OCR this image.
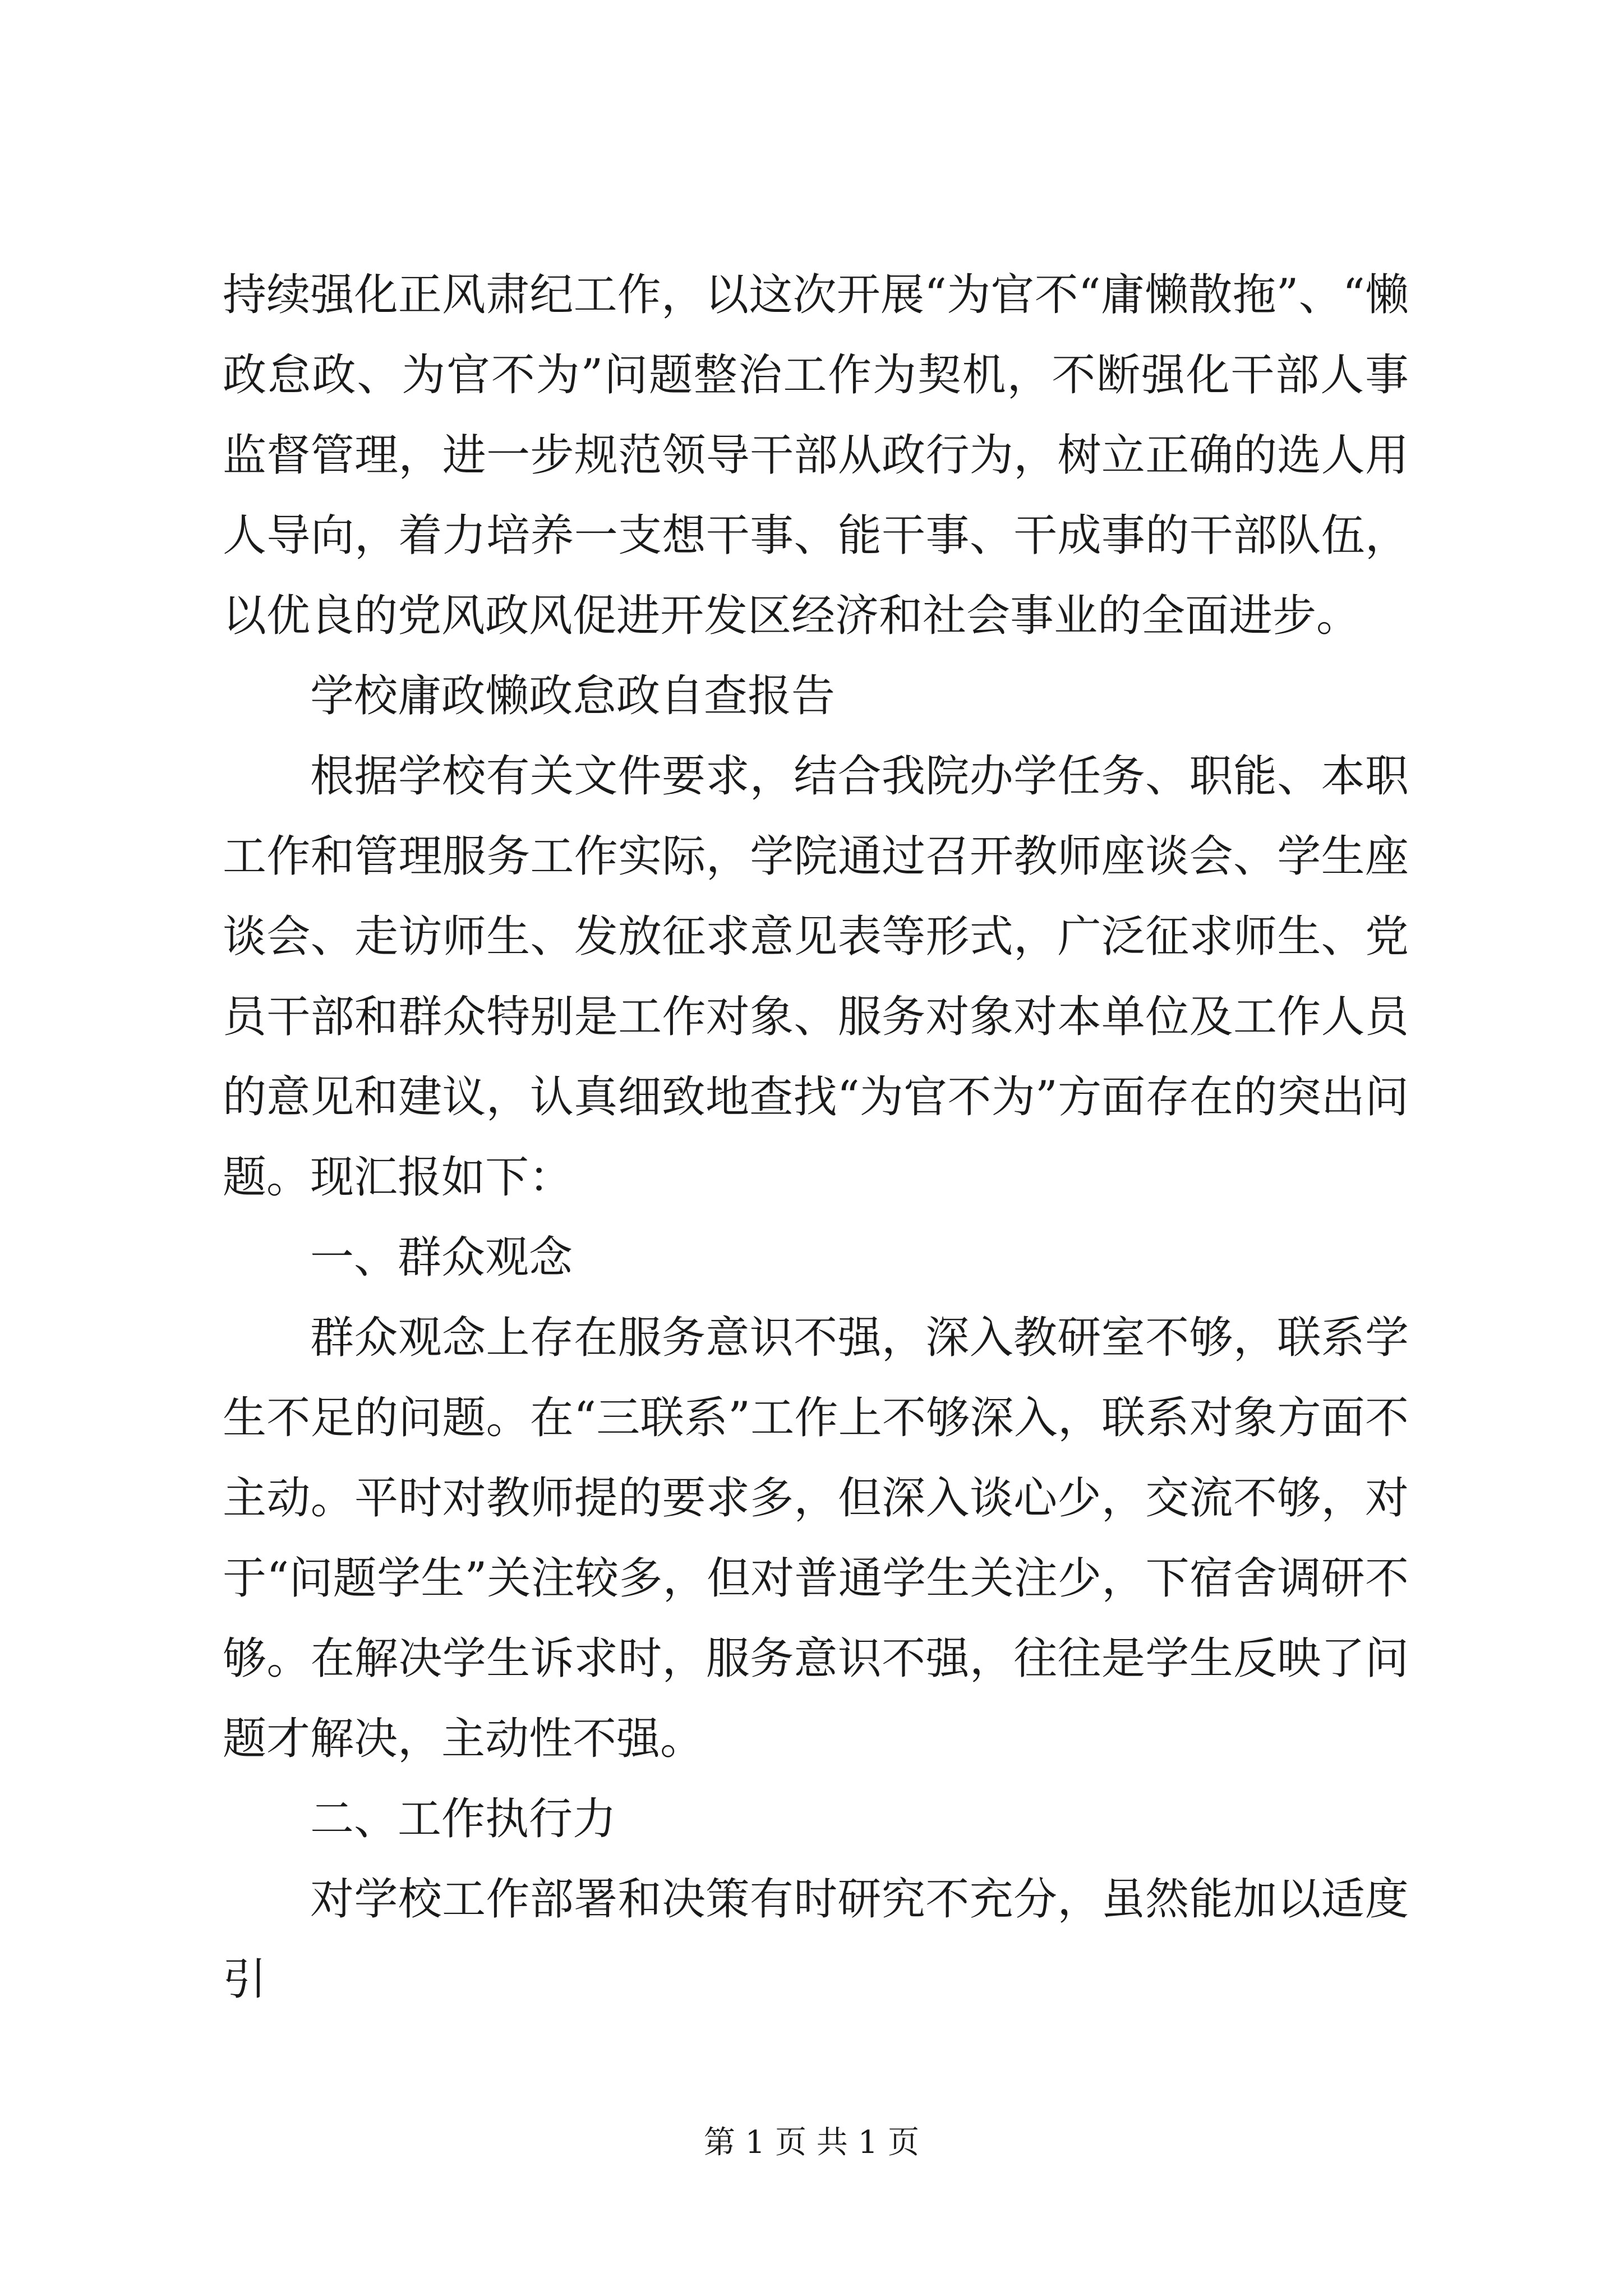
持续强化正风肃纪工作，以这次开展“为官不“庸懒散拖”、“懒政怠政、为官不为”问题整治工作为契机，不断强化干部人事监督管理，进一步规范领导干部从政行为，树立正确的选人用人导向，着力培养一支想干事、能干事、干成事的干部队伍，以优良的党风政风促进开发区经济和社会事业的全面进步。

学校庸政懒政怠政自查报告

根据学校有关文件要求，结合我院办学任务、职能、本职工作和管理服务工作实际，学院通过召开教师座谈会、学生座谈会、走访师生、发放征求意见表等形式，广泛征求师生、党员干部和群众特别是工作对象、服务对象对本单位及工作人员的意见和建议，认真细致地查找“为官不为”方面存在的突出问题。现汇报如下：

一、群众观念

群众观念上存在服务意识不强，深入教研室不够，联系学生不足的问题。在“三联系”工作上不够深入，联系对象方面不主动。平时对教师提的要求多，但深入谈心少，交流不够，对于“问题学生”关注较多，但对普通学生关注少，下宿舍调研不够。在解决学生诉求时，服务意识不强，往往是学生反映了问题才解决，主动性不强。

二、工作执行力

对学校工作部署和决策有时研究不充分，虽然能加以适度引

第 1 页 共 1 页
